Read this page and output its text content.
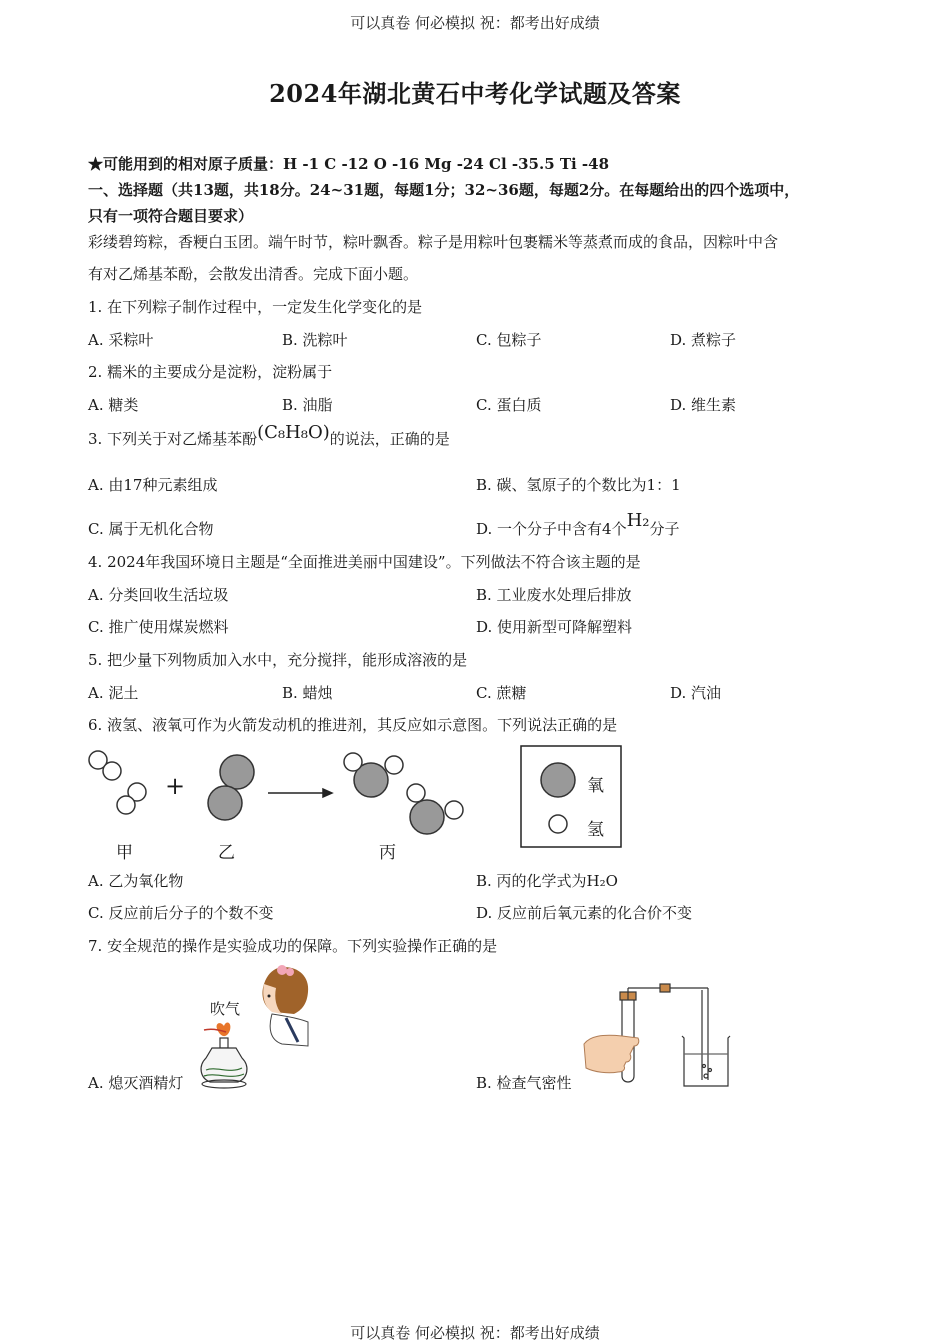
可以真卷 何必模拟 祝：都考出好成绩
2024年湖北黄石中考化学试题及答案
★可能用到的相对原子质量：H -1 C -12 O -16 Mg -24 Cl -35.5 Ti -48
一、选择题（共13题，共18分。24~31题，每题1分；32~36题，每题2分。在每题给出的四个选项中，
只有一项符合题目要求）
彩缕碧筠粽，香粳白玉团。端午时节，粽叶飘香。粽子是用粽叶包裹糯米等蒸煮而成的食品，因粽叶中含
有对乙烯基苯酚，会散发出清香。完成下面小题。
1. 在下列粽子制作过程中，一定发生化学变化的是
A. 采粽叶	B. 洗粽叶	C. 包粽子	D. 煮粽子
2. 糯米的主要成分是淀粉，淀粉属于
A. 糖类	B. 油脂	C. 蛋白质	D. 维生素
3. 下列关于对乙烯基苯酚(C₈H₈O)的说法，正确的是
A. 由17种元素组成	B. 碳、氢原子的个数比为1：1
C. 属于无机化合物	D. 一个分子中含有4个H₂分子
4. 2024年我国环境日主题是“全面推进美丽中国建设”。下列做法不符合该主题的是
A. 分类回收生活垃圾	B. 工业废水处理后排放
C. 推广使用煤炭燃料	D. 使用新型可降解塑料
5. 把少量下列物质加入水中，充分搅拌，能形成溶液的是
A. 泥土	B. 蜡烛	C. 蔗糖	D. 汽油
6. 液氢、液氧可作为火箭发动机的推进剂，其反应如示意图。下列说法正确的是
+
甲	乙	丙
氧
氢
A. 乙为氧化物	B. 丙的化学式为H₂O
C. 反应前后分子的个数不变	D. 反应前后氧元素的化合价不变
7. 安全规范的操作是实验成功的保障。下列实验操作正确的是
吹气
A. 熄灭酒精灯	B. 检查气密性
可以真卷 何必模拟 祝：都考出好成绩
